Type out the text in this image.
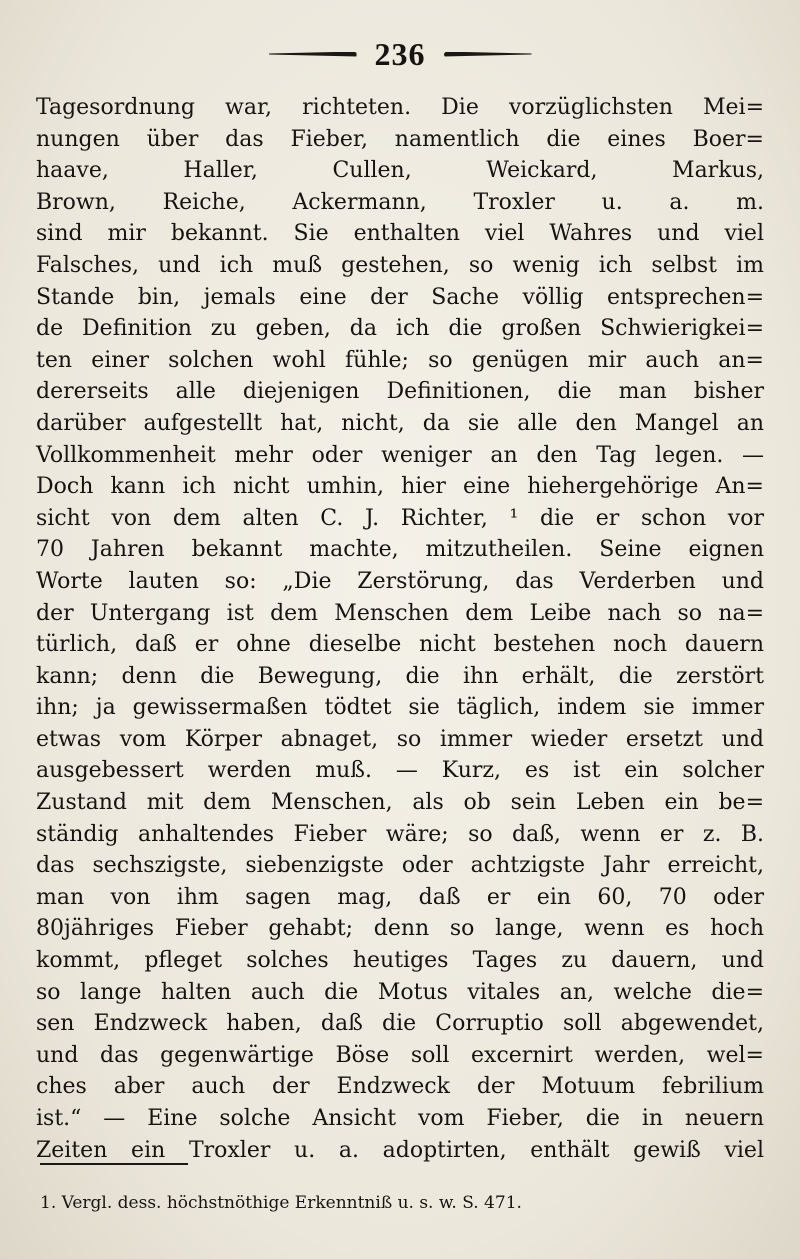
236
Tagesordnung war, richteten. Die vorzüglichsten Mei=
nungen über das Fieber, namentlich die eines Boer=
haave, Haller, Cullen, Weickard, Markus,
Brown, Reiche, Ackermann, Troxler u. a. m.
sind mir bekannt. Sie enthalten viel Wahres und viel
Falsches, und ich muß gestehen, so wenig ich selbst im
Stande bin, jemals eine der Sache völlig entsprechen=
de Definition zu geben, da ich die großen Schwierigkei=
ten einer solchen wohl fühle; so genügen mir auch an=
dererseits alle diejenigen Definitionen, die man bisher
darüber aufgestellt hat, nicht, da sie alle den Mangel an
Vollkommenheit mehr oder weniger an den Tag legen. —
Doch kann ich nicht umhin, hier eine hiehergehörige An=
sicht von dem alten C. J. Richter, ¹ die er schon vor
70 Jahren bekannt machte, mitzutheilen. Seine eignen
Worte lauten so: „Die Zerstörung, das Verderben und
der Untergang ist dem Menschen dem Leibe nach so na=
türlich, daß er ohne dieselbe nicht bestehen noch dauern
kann; denn die Bewegung, die ihn erhält, die zerstört
ihn; ja gewissermaßen tödtet sie täglich, indem sie immer
etwas vom Körper abnaget, so immer wieder ersetzt und
ausgebessert werden muß. — Kurz, es ist ein solcher
Zustand mit dem Menschen, als ob sein Leben ein be=
ständig anhaltendes Fieber wäre; so daß, wenn er z. B.
das sechszigste, siebenzigste oder achtzigste Jahr erreicht,
man von ihm sagen mag, daß er ein 60, 70 oder
80jähriges Fieber gehabt; denn so lange, wenn es hoch
kommt, pfleget solches heutiges Tages zu dauern, und
so lange halten auch die Motus vitales an, welche die=
sen Endzweck haben, daß die Corruptio soll abgewendet,
und das gegenwärtige Böse soll excernirt werden, wel=
ches aber auch der Endzweck der Motuum febrilium
ist.“ — Eine solche Ansicht vom Fieber, die in neuern
Zeiten ein Troxler u. a. adoptirten, enthält gewiß viel
1. Vergl. dess. höchstnöthige Erkenntniß u. s. w. S. 471.
